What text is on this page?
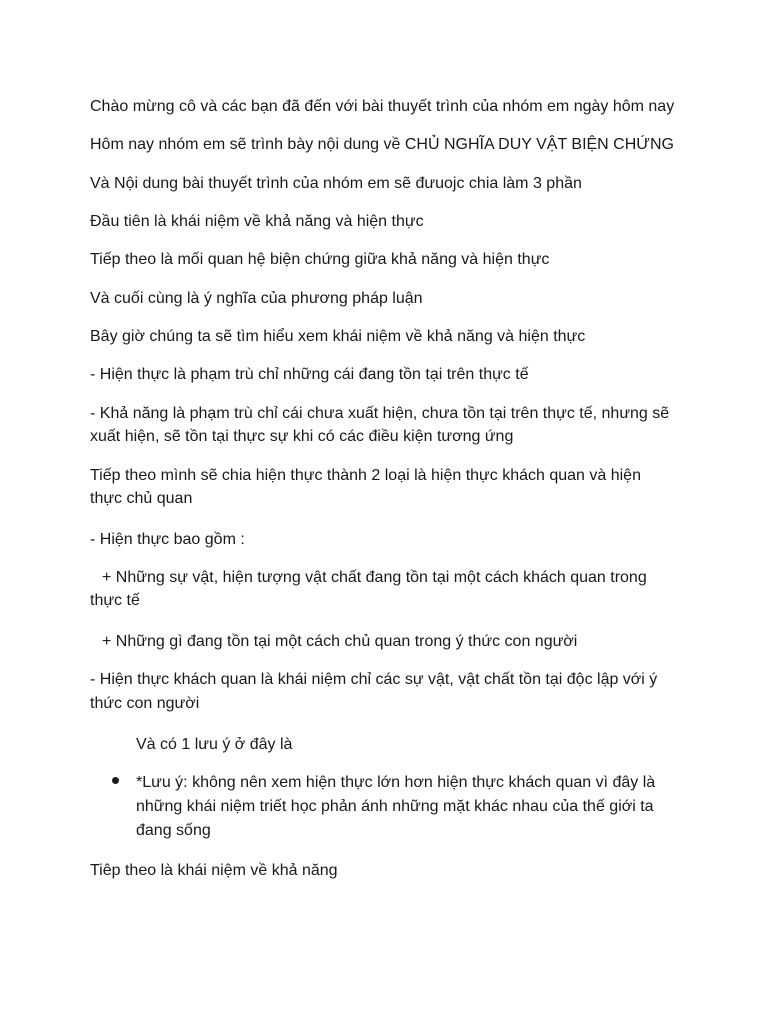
Chào mừng cô và các bạn đã đến với bài thuyết trình của nhóm em ngày hôm nay

Hôm nay nhóm em sẽ trình bày nội dung về CHỦ NGHĨA DUY VẬT BIỆN CHỨNG

Và Nội dung bài thuyết trình của nhóm em sẽ đưuojc chia làm 3 phần

Đầu tiên là khái niệm về khả năng và hiện thực

Tiếp theo là mối quan hệ biện chứng giữa khả năng và hiện thực

Và cuối cùng là ý nghĩa của phương pháp luận

Bây giờ chúng ta sẽ tìm hiểu xem khái niệm về khả năng và hiện thực

- Hiện thực là phạm trù chỉ những cái đang tồn tại trên thực tế

- Khả năng là phạm trù chỉ cái chưa xuất hiện, chưa tồn tại trên thực tế, nhưng sẽ

xuất hiện, sẽ tồn tại thực sự khi có các điều kiện tương ứng

Tiếp theo mình sẽ chia hiện thực thành 2 loại là hiện thực khách quan và hiện

thực chủ quan

- Hiện thực bao gồm :

+ Những sự vật, hiện tượng vật chất đang tồn tại một cách khách quan trong

thực tế

+ Những gì đang tồn tại một cách chủ quan trong ý thức con người

- Hiện thực khách quan là khái niệm chỉ các sự vật, vật chất tồn tại độc lập với ý

thức con người

Và có 1 lưu ý ở đây là

*Lưu ý: không nên xem hiện thực lớn hơn hiện thực khách quan vì đây là

những khái niệm triết học phản ánh những mặt khác nhau của thế giới ta

đang sống

Tiêp theo là khái niệm về khả năng
